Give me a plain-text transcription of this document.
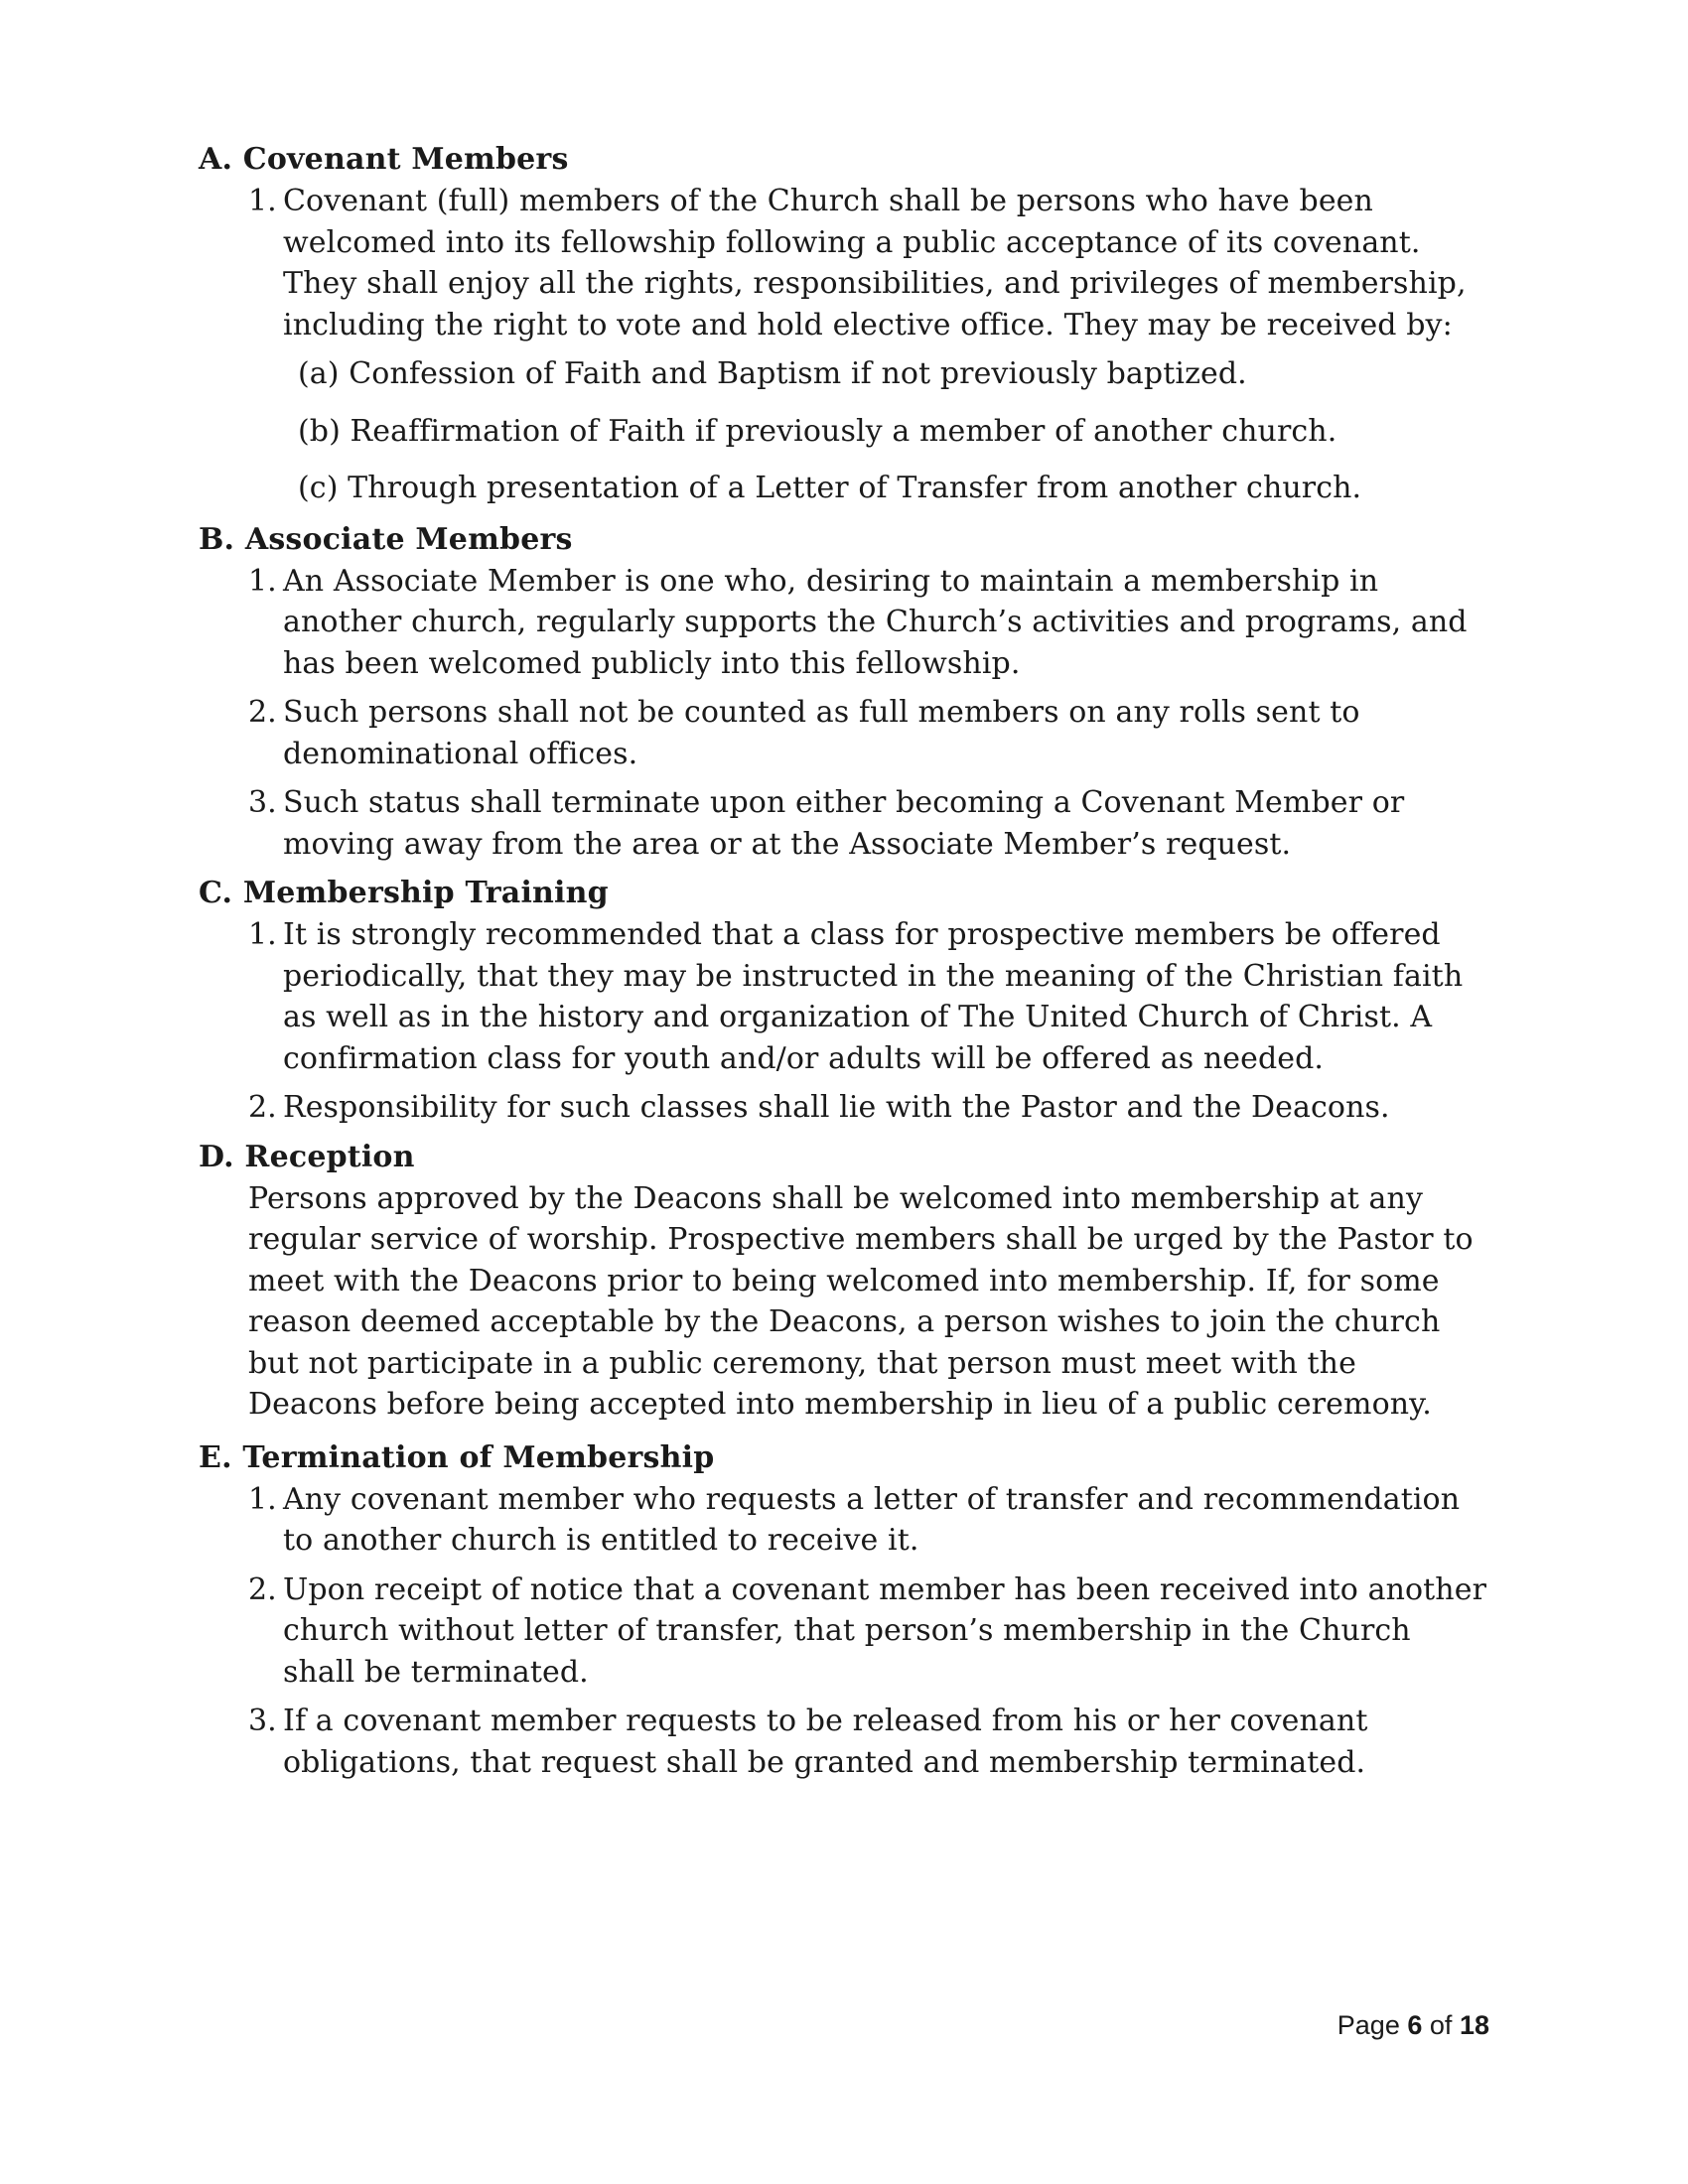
A. Covenant Members
1. Covenant (full) members of the Church shall be persons who have been welcomed into its fellowship following a public acceptance of its covenant. They shall enjoy all the rights, responsibilities, and privileges of membership, including the right to vote and hold elective office. They may be received by:
(a) Confession of Faith and Baptism if not previously baptized.
(b) Reaffirmation of Faith if previously a member of another church.
(c) Through presentation of a Letter of Transfer from another church.
B. Associate Members
1. An Associate Member is one who, desiring to maintain a membership in another church, regularly supports the Church’s activities and programs, and has been welcomed publicly into this fellowship.
2. Such persons shall not be counted as full members on any rolls sent to denominational offices.
3. Such status shall terminate upon either becoming a Covenant Member or moving away from the area or at the Associate Member’s request.
C. Membership Training
1. It is strongly recommended that a class for prospective members be offered periodically, that they may be instructed in the meaning of the Christian faith as well as in the history and organization of The United Church of Christ. A confirmation class for youth and/or adults will be offered as needed.
2. Responsibility for such classes shall lie with the Pastor and the Deacons.
D. Reception

Persons approved by the Deacons shall be welcomed into membership at any regular service of worship. Prospective members shall be urged by the Pastor to meet with the Deacons prior to being welcomed into membership. If, for some reason deemed acceptable by the Deacons, a person wishes to join the church but not participate in a public ceremony, that person must meet with the Deacons before being accepted into membership in lieu of a public ceremony.

E. Termination of Membership
1. Any covenant member who requests a letter of transfer and recommendation to another church is entitled to receive it.
2. Upon receipt of notice that a covenant member has been received into another church without letter of transfer, that person’s membership in the Church shall be terminated.
3. If a covenant member requests to be released from his or her covenant obligations, that request shall be granted and membership terminated.
Page 6 of 18
